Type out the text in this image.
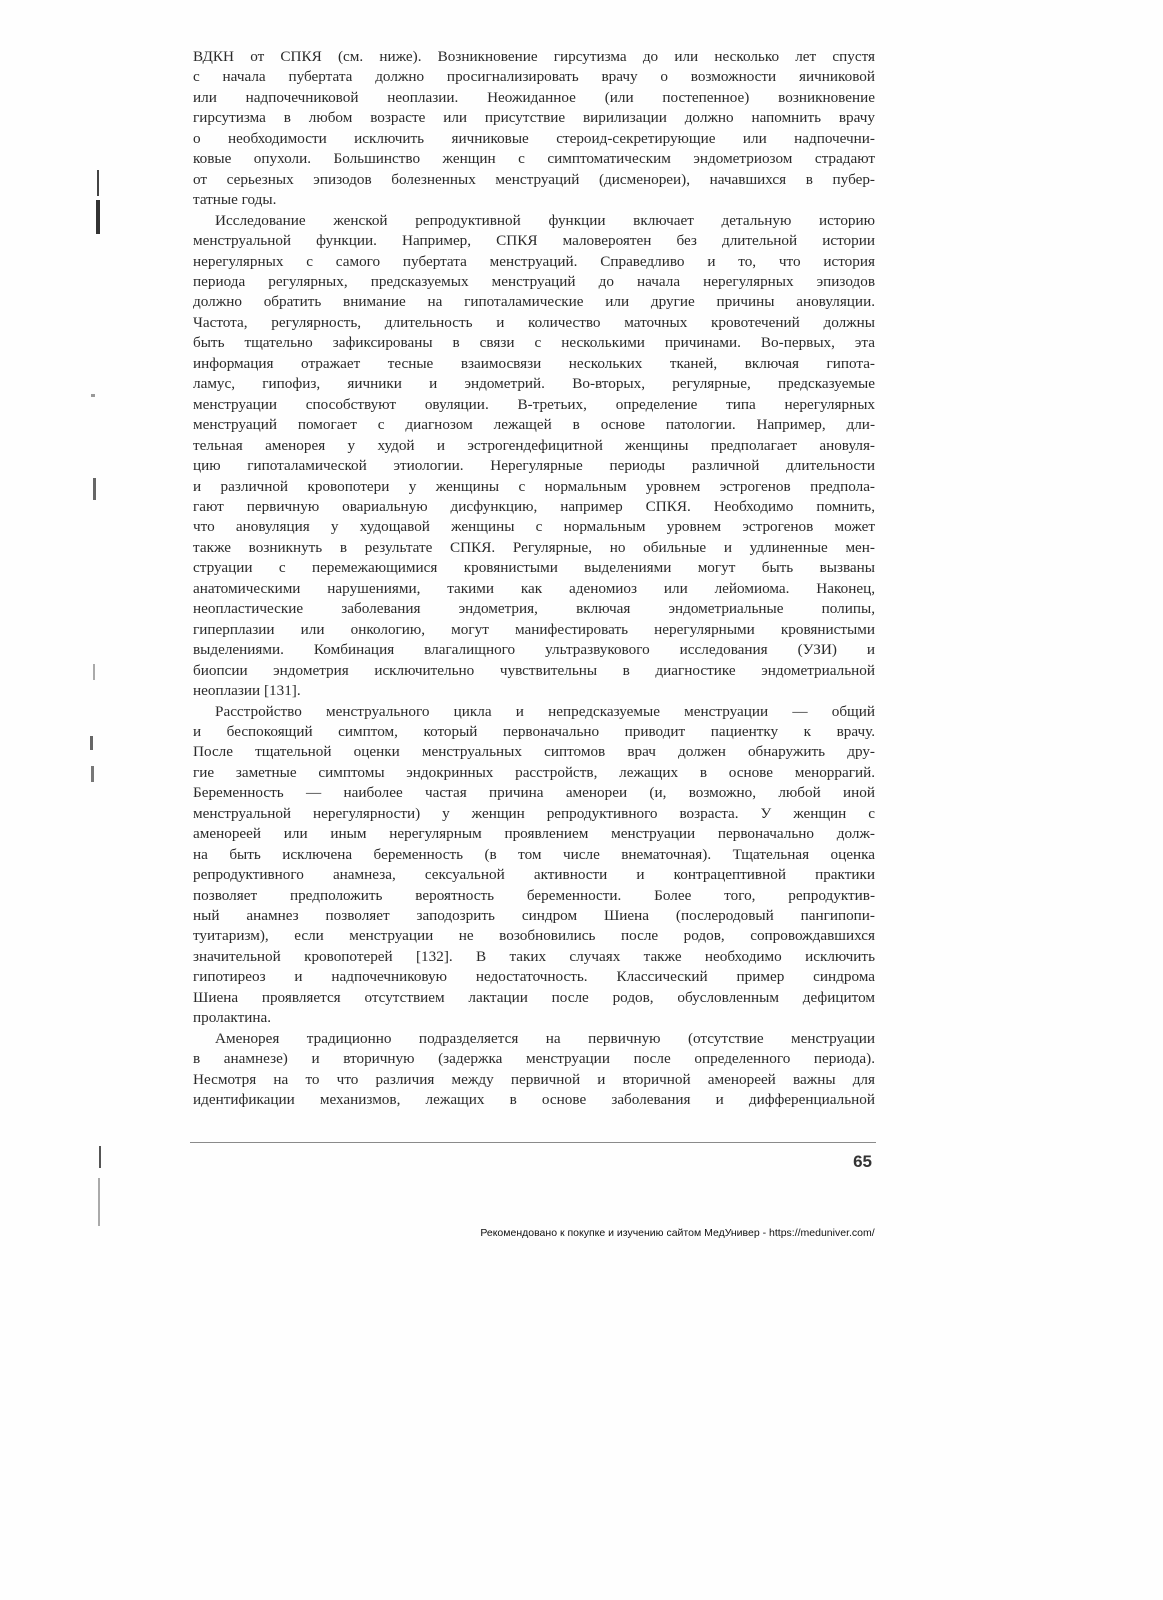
ВДКН от СПКЯ (см. ниже). Возникновение гирсутизма до или несколько лет спустя
с начала пубертата должно просигнализировать врачу о возможности яичниковой
или надпочечниковой неоплазии. Неожиданное (или постепенное) возникновение
гирсутизма в любом возрасте или присутствие вирилизации должно напомнить врачу
о необходимости исключить яичниковые стероид-секретирующие или надпочечни-
ковые опухоли. Большинство женщин с симптоматическим эндометриозом страдают
от серьезных эпизодов болезненных менструаций (дисменореи), начавшихся в пубер-
татные годы.
Исследование женской репродуктивной функции включает детальную историю
менструальной функции. Например, СПКЯ маловероятен без длительной истории
нерегулярных с самого пубертата менструаций. Справедливо и то, что история
периода регулярных, предсказуемых менструаций до начала нерегулярных эпизодов
должно обратить внимание на гипоталамические или другие причины ановуляции.
Частота, регулярность, длительность и количество маточных кровотечений должны
быть тщательно зафиксированы в связи с несколькими причинами. Во-первых, эта
информация отражает тесные взаимосвязи нескольких тканей, включая гипота-
ламус, гипофиз, яичники и эндометрий. Во-вторых, регулярные, предсказуемые
менструации способствуют овуляции. В-третьих, определение типа нерегулярных
менструаций помогает с диагнозом лежащей в основе патологии. Например, дли-
тельная аменорея у худой и эстрогендефицитной женщины предполагает ановуля-
цию гипоталамической этиологии. Нерегулярные периоды различной длительности
и различной кровопотери у женщины с нормальным уровнем эстрогенов предпола-
гают первичную овариальную дисфункцию, например СПКЯ. Необходимо помнить,
что ановуляция у худощавой женщины с нормальным уровнем эстрогенов может
также возникнуть в результате СПКЯ. Регулярные, но обильные и удлиненные мен-
струации с перемежающимися кровянистыми выделениями могут быть вызваны
анатомическими нарушениями, такими как аденомиоз или лейомиома. Наконец,
неопластические заболевания эндометрия, включая эндометриальные полипы,
гиперплазии или онкологию, могут манифестировать нерегулярными кровянистыми
выделениями. Комбинация влагалищного ультразвукового исследования (УЗИ) и
биопсии эндометрия исключительно чувствительны в диагностике эндометриальной
неоплазии [131].
Расстройство менструального цикла и непредсказуемые менструации — общий
и беспокоящий симптом, который первоначально приводит пациентку к врачу.
После тщательной оценки менструальных сиптомов врач должен обнаружить дру-
гие заметные симптомы эндокринных расстройств, лежащих в основе меноррагий.
Беременность — наиболее частая причина аменореи (и, возможно, любой иной
менструальной нерегулярности) у женщин репродуктивного возраста. У женщин с
аменореей или иным нерегулярным проявлением менструации первоначально долж-
на быть исключена беременность (в том числе внематочная). Тщательная оценка
репродуктивного анамнеза, сексуальной активности и контрацептивной практики
позволяет предположить вероятность беременности. Более того, репродуктив-
ный анамнез позволяет заподозрить синдром Шиена (послеродовый пангипопи-
туитаризм), если менструации не возобновились после родов, сопровождавшихся
значительной кровопотерей [132]. В таких случаях также необходимо исключить
гипотиреоз и надпочечниковую недостаточность. Классический пример синдрома
Шиена проявляется отсутствием лактации после родов, обусловленным дефицитом
пролактина.
Аменорея традиционно подразделяется на первичную (отсутствие менструации
в анамнезе) и вторичную (задержка менструации после определенного периода).
Несмотря на то что различия между первичной и вторичной аменореей важны для
идентификации механизмов, лежащих в основе заболевания и дифференциальной
65
Рекомендовано к покупке и изучению сайтом МедУнивер - https://meduniver.com/
